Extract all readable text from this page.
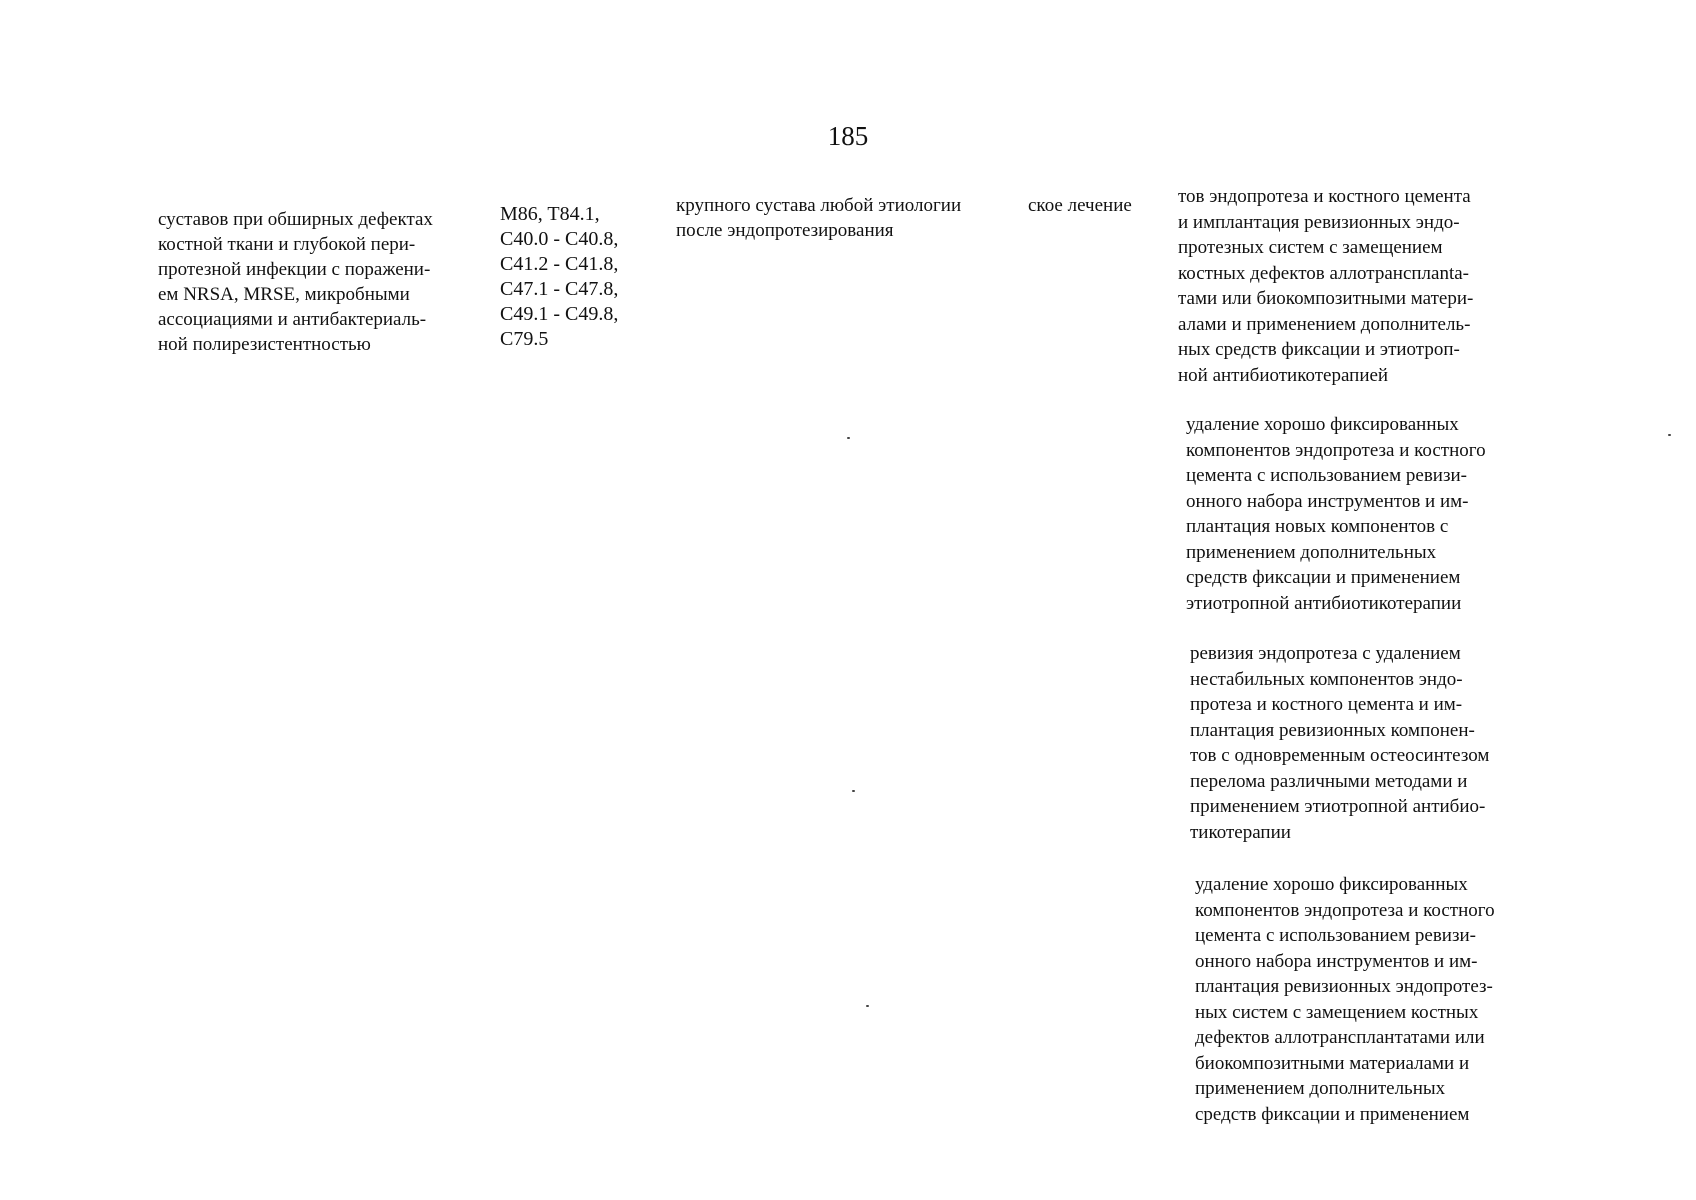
185
суставов при обширных дефектах
костной ткани и глубокой пери-
протезной инфекции с поражени-
ем NRSA, MRSE, микробными
ассоциациями и антибактериаль-
ной полирезистентностью
M86, T84.1,
C40.0 - C40.8,
C41.2 - C41.8,
C47.1 - C47.8,
C49.1 - C49.8,
C79.5
крупного сустава любой этиологии
после эндопротезирования
ское лечение тов эндопротеза и костного цемента
и имплантация ревизионных эндо-
протезных систем с замещением
костных дефектов аллотрансплanta-
тами или биокомпозитными матери-
алами и применением дополнитель-
ных средств фиксации и этиотроп-
ной антибиотикотерапией
удаление хорошо фиксированных
компонентов эндопротеза и костного
цемента с использованием ревизи-
онного набора инструментов и им-
плантация новых компонентов с
применением дополнительных
средств фиксации и применением
этиотропной антибиотикотерапии
ревизия эндопротеза с удалением
нестабильных компонентов эндо-
протеза и костного цемента и им-
плантация ревизионных компонен-
тов с одновременным остеосинтезом
перелома различными методами и
применением этиотропной антибио-
тикотерапии
удаление хорошо фиксированных
компонентов эндопротеза и костного
цемента с использованием ревизи-
онного набора инструментов и им-
плантация ревизионных эндопротез-
ных систем с замещением костных
дефектов аллотрансплантатами или
биокомпозитными материалами и
применением дополнительных
средств фиксации и применением
